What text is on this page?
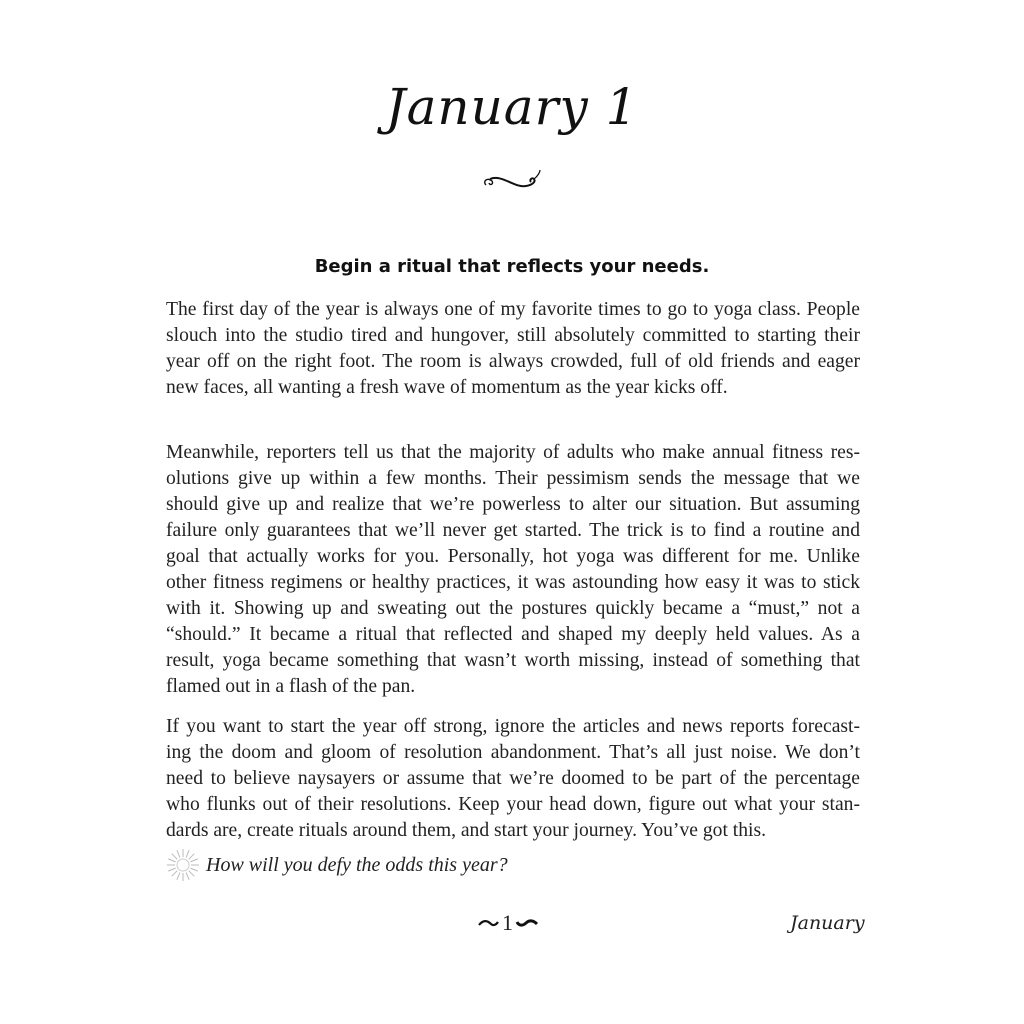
January 1
Begin a ritual that reflects your needs.
The first day of the year is always one of my favorite times to go to yoga class. People
slouch into the studio tired and hungover, still absolutely committed to starting their
year off on the right foot. The room is always crowded, full of old friends and eager
new faces, all wanting a fresh wave of momentum as the year kicks off.
Meanwhile, reporters tell us that the majority of adults who make annual fitness res-
olutions give up within a few months. Their pessimism sends the message that we
should give up and realize that we’re powerless to alter our situation. But assuming
failure only guarantees that we’ll never get started. The trick is to find a routine and
goal that actually works for you. Personally, hot yoga was different for me. Unlike
other fitness regimens or healthy practices, it was astounding how easy it was to stick
with it. Showing up and sweating out the postures quickly became a “must,” not a
“should.” It became a ritual that reflected and shaped my deeply held values. As a
result, yoga became something that wasn’t worth missing, instead of something that
flamed out in a flash of the pan.
If you want to start the year off strong, ignore the articles and news reports forecast-
ing the doom and gloom of resolution abandonment. That’s all just noise. We don’t
need to believe naysayers or assume that we’re doomed to be part of the percentage
who flunks out of their resolutions. Keep your head down, figure out what your stan-
dards are, create rituals around them, and start your journey. You’ve got this.
How will you defy the odds this year?
1	January
